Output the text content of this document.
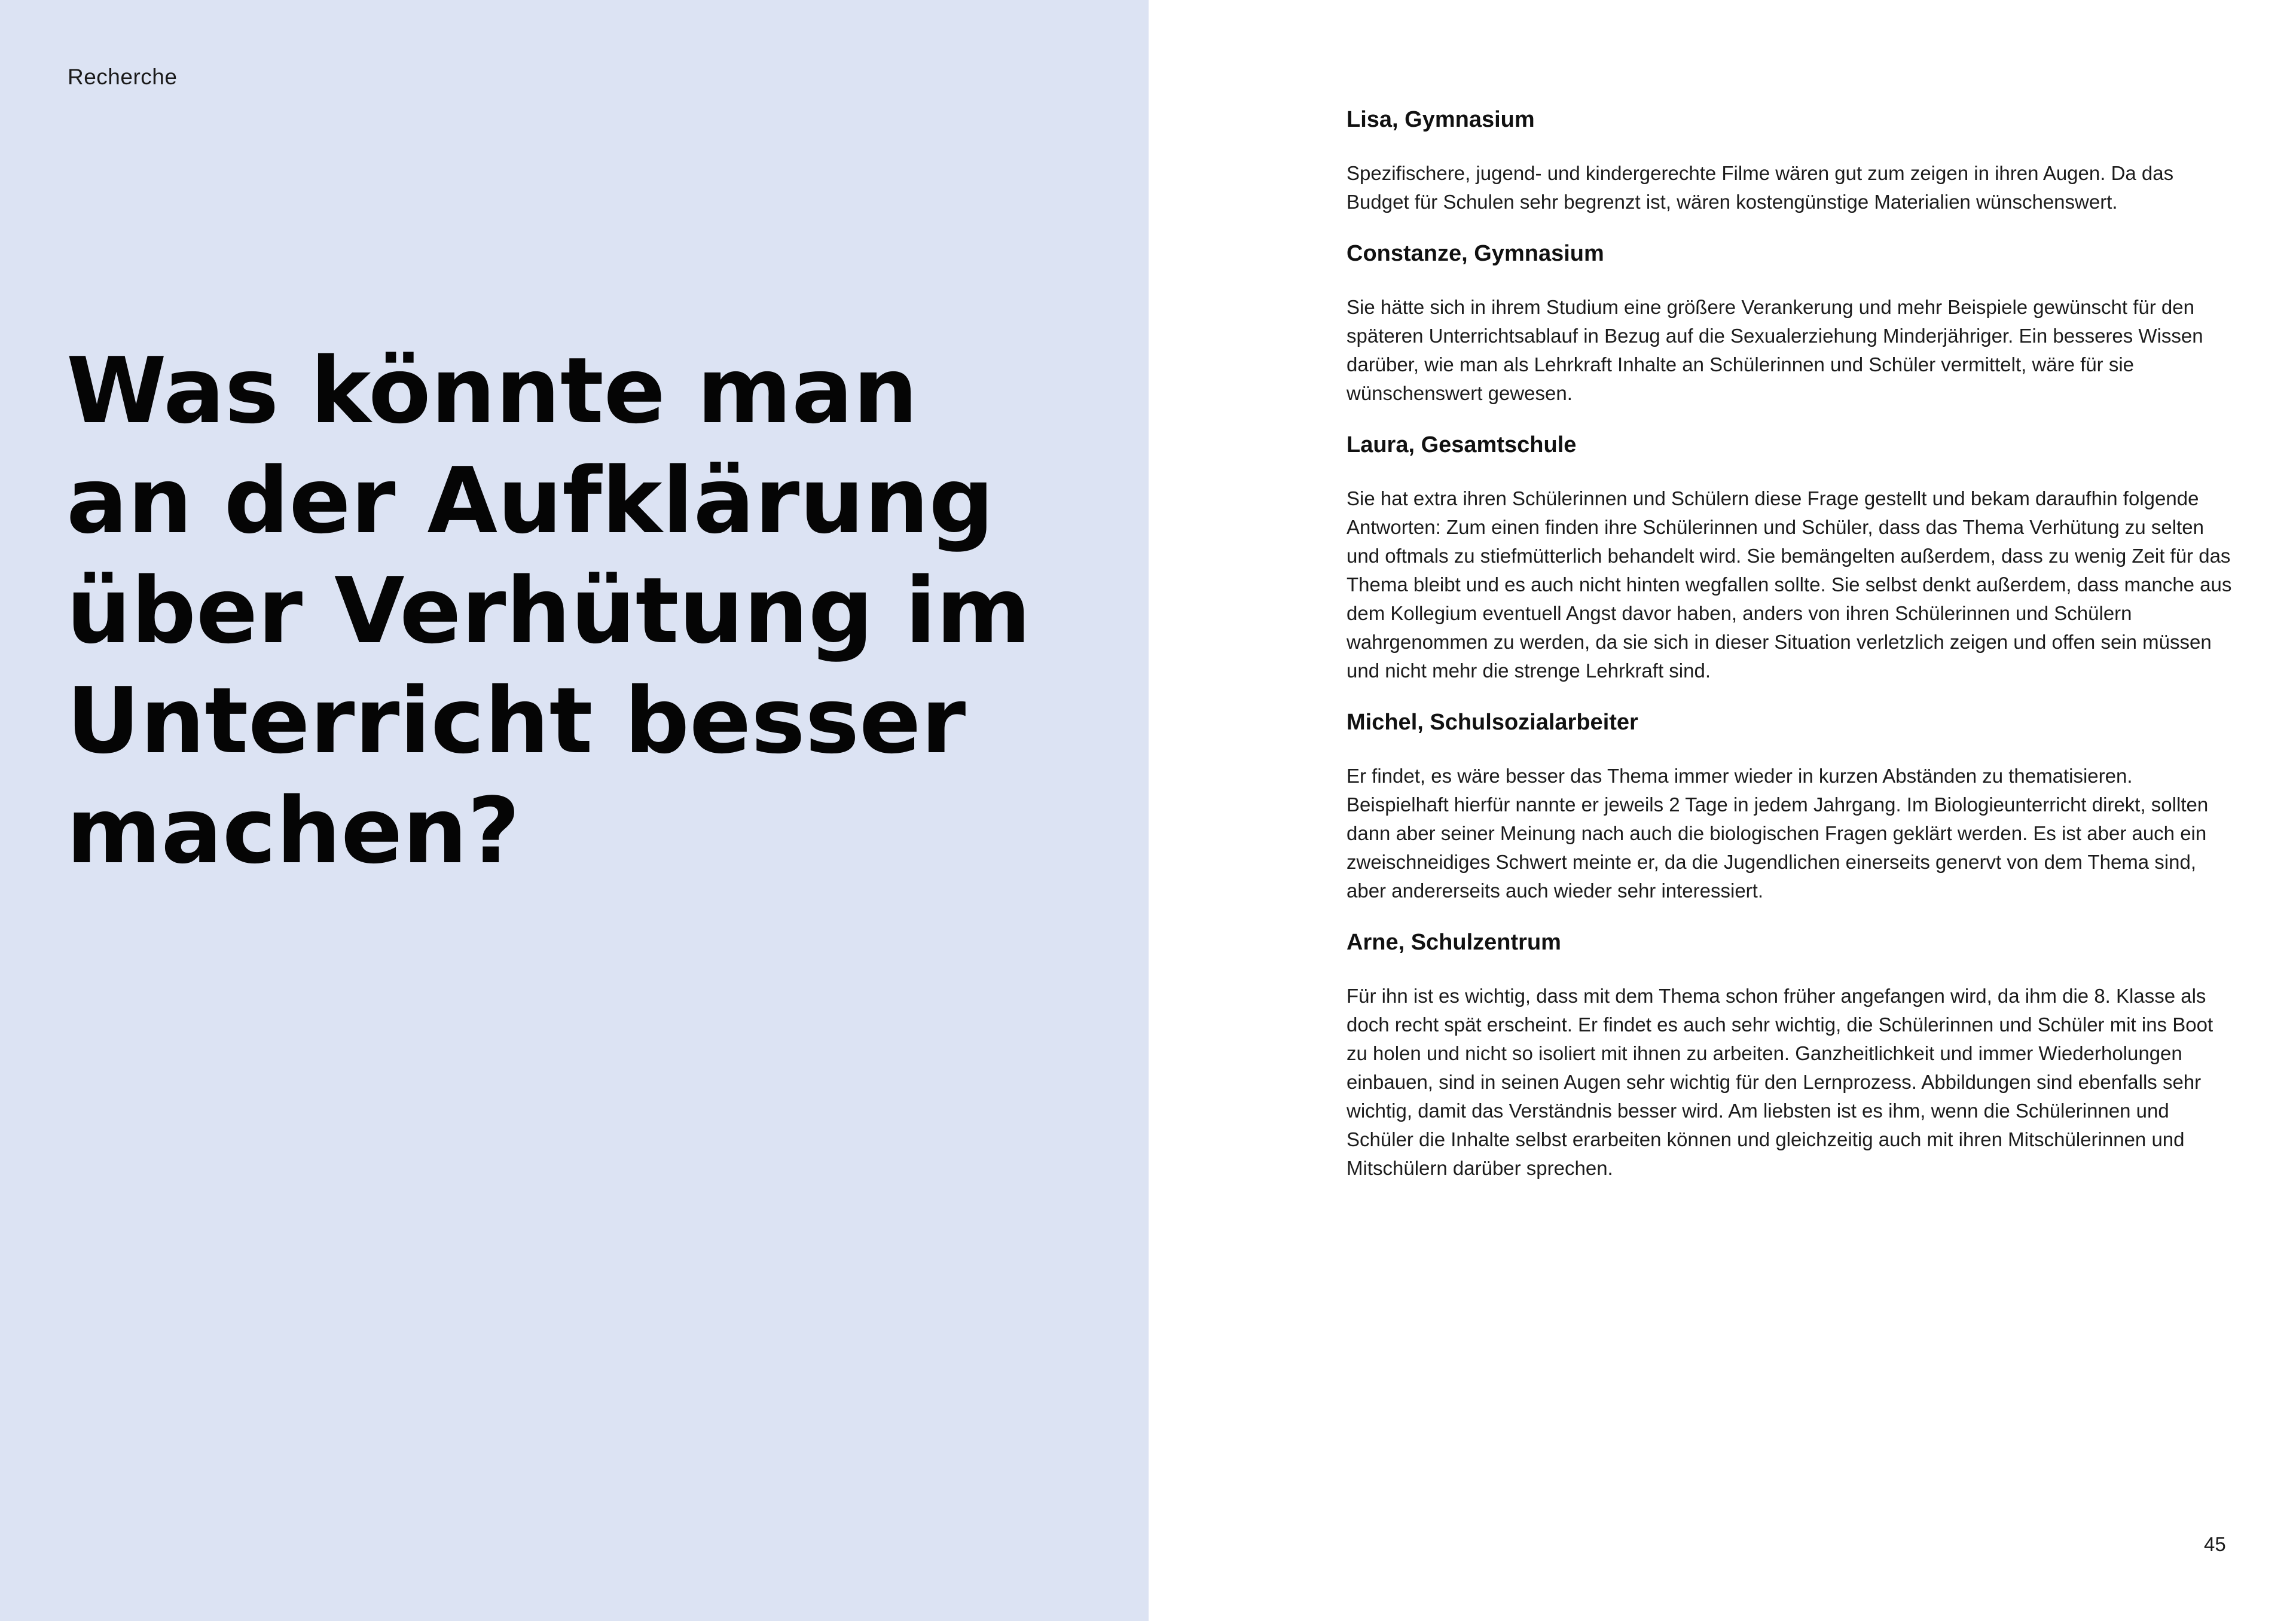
Recherche
Was könnte man
an der Aufklärung
über Verhütung im
Unterricht besser
machen?
Lisa, Gymnasium

Spezifischere, jugend- und kindergerechte Filme wären gut zum zeigen in ihren Augen. Da das Budget für Schulen sehr begrenzt ist, wären kostengünstige Materialien wünschenswert.

Constanze, Gymnasium

Sie hätte sich in ihrem Studium eine größere Verankerung und mehr Beispiele gewünscht für den späteren Unterrichtsablauf in Bezug auf die Sexualerziehung Minderjähriger. Ein besseres Wissen darüber, wie man als Lehrkraft Inhalte an Schülerinnen und Schüler vermittelt, wäre für sie wünschenswert gewesen.

Laura, Gesamtschule

Sie hat extra ihren Schülerinnen und Schülern diese Frage gestellt und bekam daraufhin folgende Antworten: Zum einen finden ihre Schülerinnen und Schüler, dass das Thema Verhütung zu selten und oftmals zu stiefmütterlich behandelt wird. Sie bemängelten außerdem, dass zu wenig Zeit für das Thema bleibt und es auch nicht hinten wegfallen sollte. Sie selbst denkt außerdem, dass manche aus dem Kollegium eventuell Angst davor haben, anders von ihren Schülerinnen und Schülern wahrgenommen zu werden, da sie sich in dieser Situation verletzlich zeigen und offen sein müssen und nicht mehr die strenge Lehrkraft sind.

Michel, Schulsozialarbeiter

Er findet, es wäre besser das Thema immer wieder in kurzen Abständen zu thematisieren. Beispielhaft hierfür nannte er jeweils 2 Tage in jedem Jahrgang. Im Biologieunterricht direkt, sollten dann aber seiner Meinung nach auch die biologischen Fragen geklärt werden. Es ist aber auch ein zweischneidiges Schwert meinte er, da die Jugendlichen einerseits genervt von dem Thema sind, aber andererseits auch wieder sehr interessiert.

Arne, Schulzentrum

Für ihn ist es wichtig, dass mit dem Thema schon früher angefangen wird, da ihm die 8. Klasse als doch recht spät erscheint. Er findet es auch sehr wichtig, die Schülerinnen und Schüler mit ins Boot zu holen und nicht so isoliert mit ihnen zu arbeiten. Ganzheitlichkeit und immer Wiederholungen einbauen, sind in seinen Augen sehr wichtig für den Lernprozess. Abbildungen sind ebenfalls sehr wichtig, damit das Verständnis besser wird. Am liebsten ist es ihm, wenn die Schülerinnen und Schüler die Inhalte selbst erarbeiten können und gleichzeitig auch mit ihren Mitschülerinnen und Mitschülern darüber sprechen.

45
